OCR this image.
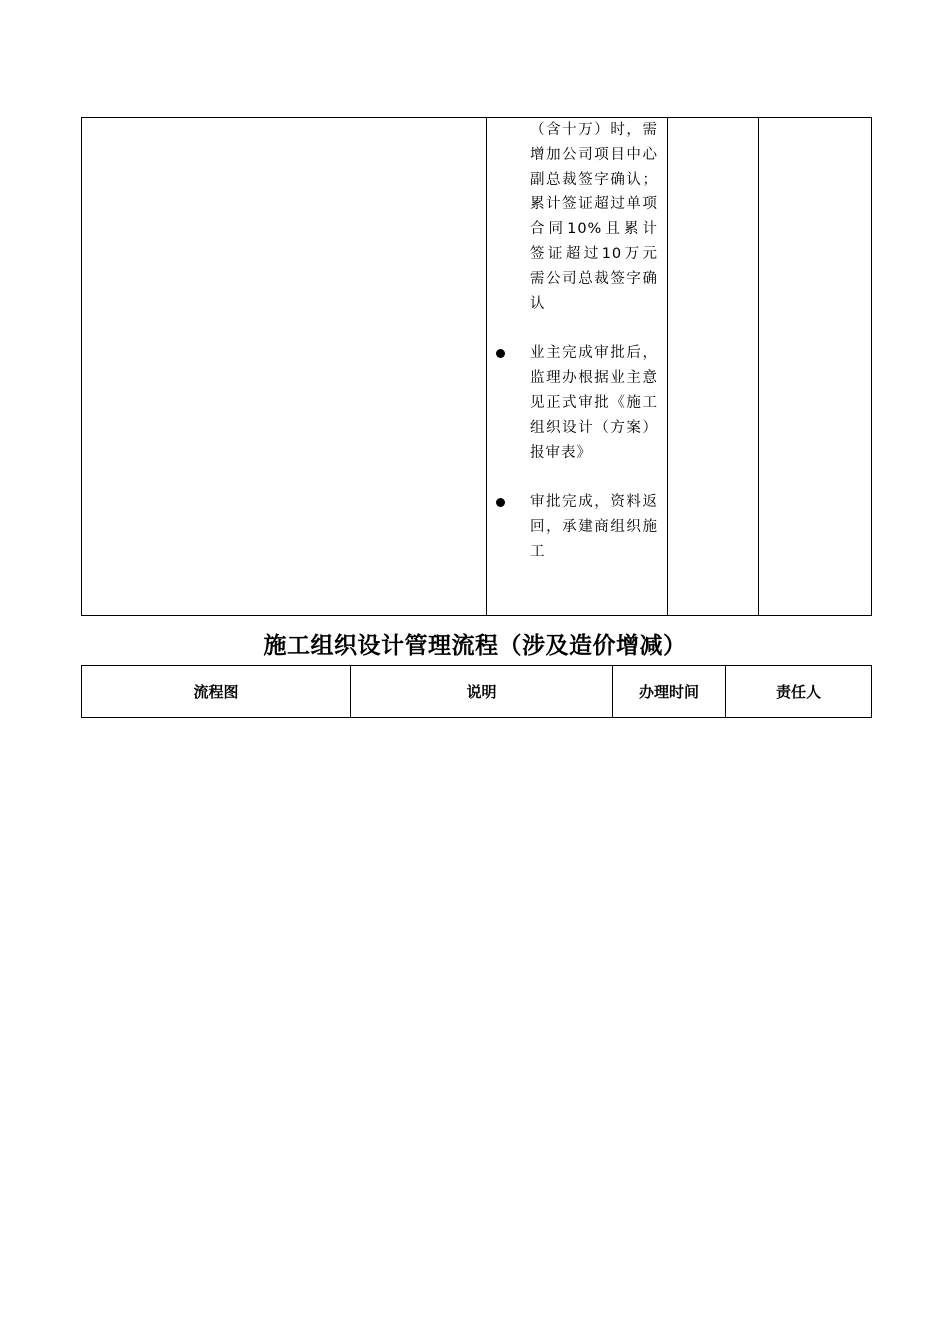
（含十万）时，需增加公司项目中心副总裁签字确认；累计签证超过单项合同10%且累计签证超过10万元需公司总裁签字确认
业主完成审批后，监理办根据业主意见正式审批《施工组织设计（方案）报审表》
审批完成，资料返回，承建商组织施工

施工组织设计管理流程（涉及造价增减）
流程图	说明	办理时间	责任人
